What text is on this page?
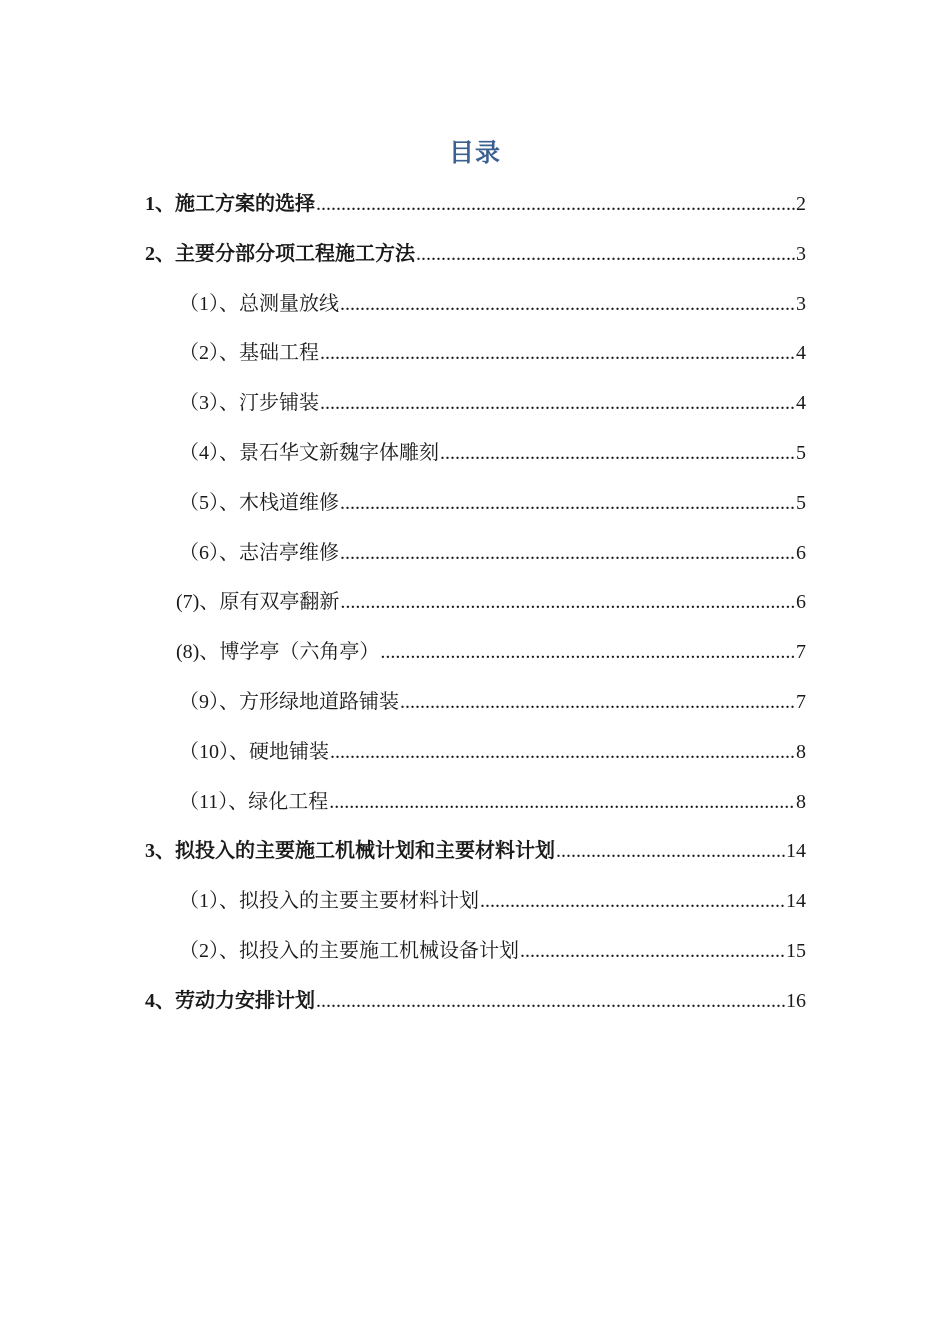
目录
1、施工方案的选择 .....	2
2、主要分部分项工程施工方法 .....	3
（1）、总测量放线 .....	3
（2）、基础工程 .....	4
（3）、汀步铺装 .....	4
（4）、景石华文新魏字体雕刻 .....	5
（5）、木栈道维修 .....	5
（6）、志洁亭维修 .....	6
(7)、原有双亭翻新 .....	6
(8)、博学亭（六角亭） .....	7
（9）、方形绿地道路铺装 .....	7
（10）、硬地铺装 .....	8
（11）、绿化工程 .....	8
3、拟投入的主要施工机械计划和主要材料计划 .....	14
（1）、拟投入的主要主要材料计划 .....	14
（2）、拟投入的主要施工机械设备计划 .....	15
4、劳动力安排计划 .....	16
